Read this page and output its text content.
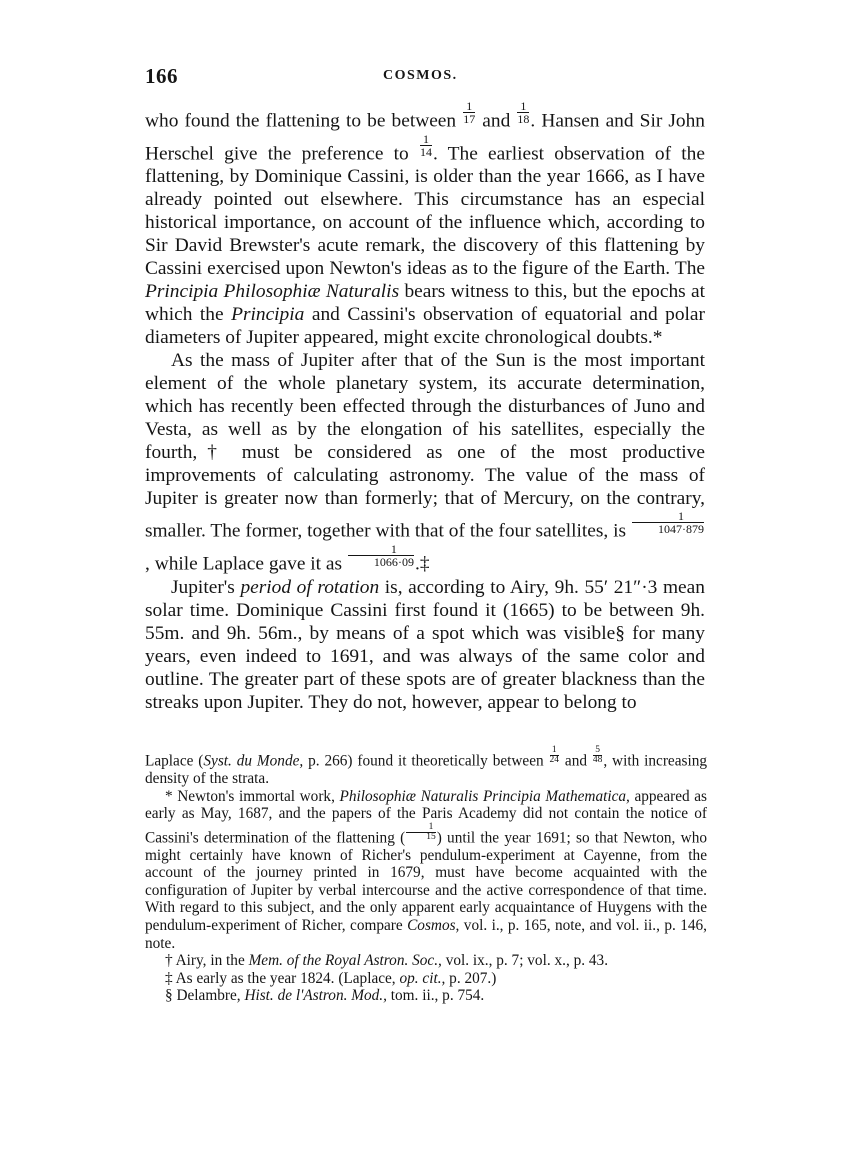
166	COSMOS.

who found the flattening to be between $\frac{1}{17}$ and $\frac{1}{18}$ . Hansen and Sir John Herschel give the preference to $\frac{1}{14}$ . The earliest observation of the flattening, by Dominique Cassini, is older than the year 1666, as I have already pointed out elsewhere. This circumstance has an especial historical importance, on account of the influence which, according to Sir David Brewster's acute remark, the discovery of this flattening by Cassini exercised upon Newton's ideas as to the figure of the Earth. The Principia Philosophiæ Naturalis bears witness to this, but the epochs at which the Principia and Cassini's observation of equatorial and polar diameters of Jupiter appeared, might excite chronological doubts.*

As the mass of Jupiter after that of the Sun is the most important element of the whole planetary system, its accurate determination, which has recently been effected through the disturbances of Juno and Vesta, as well as by the elongation of his satellites, especially the fourth,† must be considered as one of the most productive improvements of calculating astronomy. The value of the mass of Jupiter is greater now than formerly; that of Mercury, on the contrary, smaller. The former, together with that of the four satellites, is $\frac{1}{1047\cdot 879}$
, while Laplace gave it as $\frac{1}{1066\cdot 09}$ .‡

Jupiter's period of rotation is, according to Airy, 9h. 55′ 21″·3 mean solar time. Dominique Cassini first found it (1665) to be between 9h. 55m. and 9h. 56m., by means of a spot which was visible§ for many years, even indeed to 1691, and was always of the same color and outline. The greater part of these spots are of greater blackness than the streaks upon Jupiter. They do not, however, appear to belong to

Laplace (Syst. du Monde, p. 266) found it theoretically between $\frac{1}{24}$ and $\frac{5}{48}$ , with increasing density of the strata.

* Newton's immortal work, Philosophiæ Naturalis Principia Mathematica, appeared as early as May, 1687, and the papers of the Paris Academy did not contain the notice of Cassini's determination of the flattening ( $\frac{1}{15}$ ) until the year 1691; so that Newton, who might certainly have known of Richer's pendulum-experiment at Cayenne, from the account of the journey printed in 1679, must have become acquainted with the configuration of Jupiter by verbal intercourse and the active correspondence of that time. With regard to this subject, and the only apparent early acquaintance of Huygens with the pendulum-experiment of Richer, compare Cosmos, vol. i., p. 165, note, and vol. ii., p. 146, note.

† Airy, in the Mem. of the Royal Astron. Soc., vol. ix., p. 7; vol. x., p. 43.

‡ As early as the year 1824. (Laplace, op. cit., p. 207.)

§ Delambre, Hist. de l'Astron. Mod., tom. ii., p. 754.
